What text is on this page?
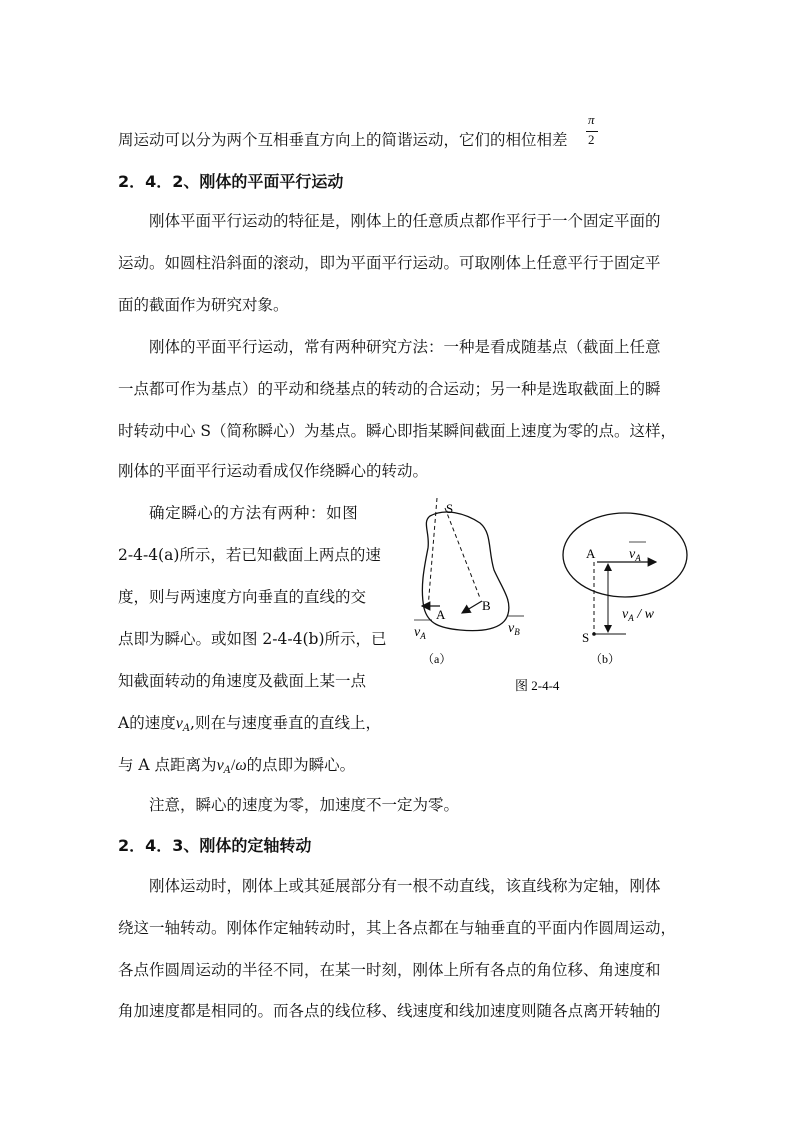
周运动可以分为两个互相垂直方向上的简谐运动，它们的相位相差
π
2
2．4．2、刚体的平面平行运动
刚体平面平行运动的特征是，刚体上的任意质点都作平行于一个固定平面的
运动。如圆柱沿斜面的滚动，即为平面平行运动。可取刚体上任意平行于固定平
面的截面作为研究对象。
刚体的平面平行运动，常有两种研究方法：一种是看成随基点（截面上任意
一点都可作为基点）的平动和绕基点的转动的合运动；另一种是选取截面上的瞬
时转动中心 S（简称瞬心）为基点。瞬心即指某瞬间截面上速度为零的点。这样，
刚体的平面平行运动看成仅作绕瞬心的转动。
确定瞬心的方法有两种：如图
2-4-4(a)所示，若已知截面上两点的速
度，则与两速度方向垂直的直线的交
点即为瞬心。或如图 2-4-4(b)所示，已
知截面转动的角速度及截面上某一点
A的速度$v_A$,则在与速度垂直的直线上，
与 A 点距离为$v_A/\omega$的点即为瞬心。
注意，瞬心的速度为零，加速度不一定为零。
2．4．3、刚体的定轴转动
刚体运动时，刚体上或其延展部分有一根不动直线，该直线称为定轴，刚体
绕这一轴转动。刚体作定轴转动时，其上各点都在与轴垂直的平面内作圆周运动，
各点作圆周运动的半径不同，在某一时刻，刚体上所有各点的角位移、角速度和
角加速度都是相同的。而各点的线位移、线速度和线加速度则随各点离开转轴的
S
A
B
$v_A$	$v_B$
（a）
A $v_A$
S
$v_A$ / w
（b）
图 2-4-4
